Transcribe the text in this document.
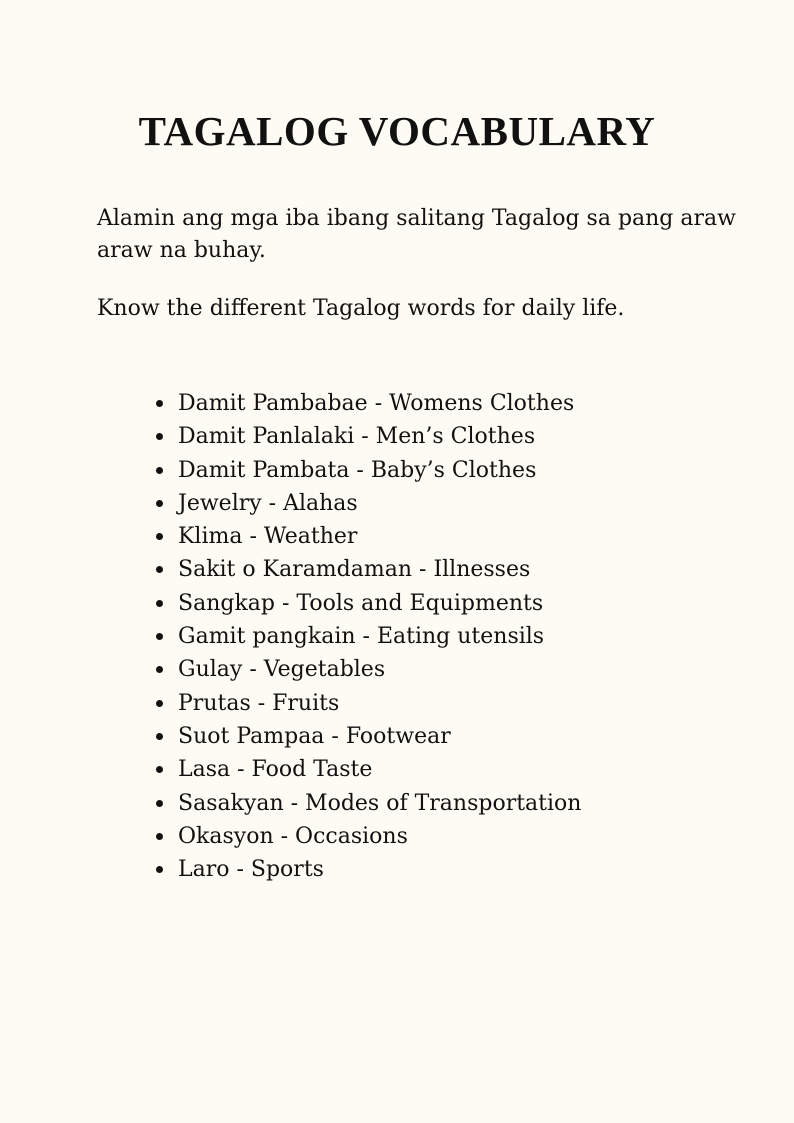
TAGALOG VOCABULARY

Alamin ang mga iba ibang salitang Tagalog sa pang araw araw na buhay.

Know the different Tagalog words for daily life.

Damit Pambabae - Womens Clothes
Damit Panlalaki - Men’s Clothes
Damit Pambata - Baby’s Clothes
Jewelry - Alahas
Klima - Weather
Sakit o Karamdaman - Illnesses
Sangkap - Tools and Equipments
Gamit pangkain - Eating utensils
Gulay - Vegetables
Prutas - Fruits
Suot Pampaa - Footwear
Lasa - Food Taste
Sasakyan - Modes of Transportation
Okasyon - Occasions
Laro - Sports
